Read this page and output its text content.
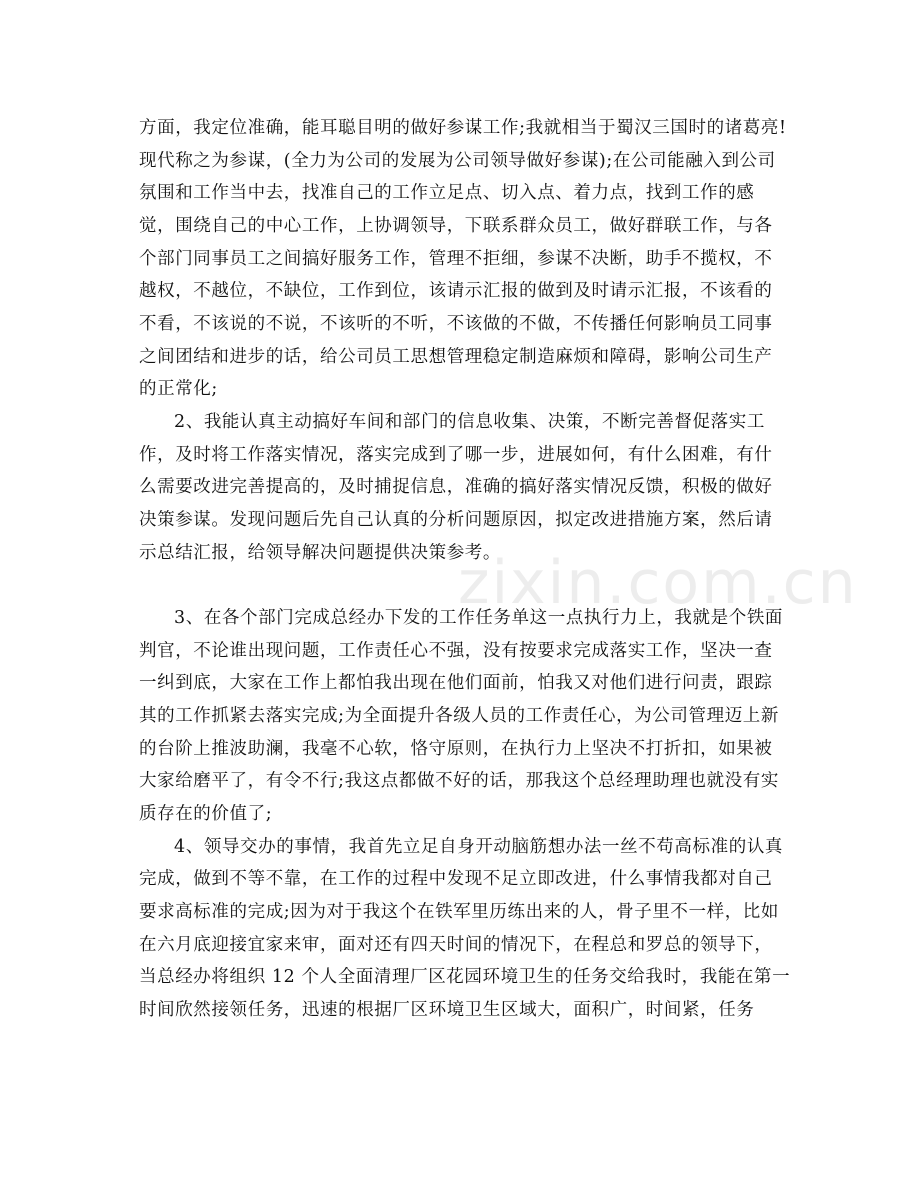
方面，我定位准确，能耳聪目明的做好参谋工作;我就相当于蜀汉三国时的诸葛亮!
现代称之为参谋，(全力为公司的发展为公司领导做好参谋);在公司能融入到公司
氛围和工作当中去，找准自己的工作立足点、切入点、着力点，找到工作的感
觉，围绕自己的中心工作，上协调领导，下联系群众员工，做好群联工作，与各
个部门同事员工之间搞好服务工作，管理不拒细，参谋不决断，助手不揽权，不
越权，不越位，不缺位，工作到位，该请示汇报的做到及时请示汇报，不该看的
不看，不该说的不说，不该听的不听，不该做的不做，不传播任何影响员工同事
之间团结和进步的话，给公司员工思想管理稳定制造麻烦和障碍，影响公司生产
的正常化;
2、我能认真主动搞好车间和部门的信息收集、决策，不断完善督促落实工
作，及时将工作落实情况，落实完成到了哪一步，进展如何，有什么困难，有什
么需要改进完善提高的，及时捕捉信息，准确的搞好落实情况反馈，积极的做好
决策参谋。发现问题后先自己认真的分析问题原因，拟定改进措施方案，然后请
示总结汇报，给领导解决问题提供决策参考。
3、在各个部门完成总经办下发的工作任务单这一点执行力上，我就是个铁面
判官，不论谁出现问题，工作责任心不强，没有按要求完成落实工作，坚决一查
一纠到底，大家在工作上都怕我出现在他们面前，怕我又对他们进行问责，跟踪
其的工作抓紧去落实完成;为全面提升各级人员的工作责任心，为公司管理迈上新
的台阶上推波助澜，我毫不心软，恪守原则，在执行力上坚决不打折扣，如果被
大家给磨平了，有令不行;我这点都做不好的话，那我这个总经理助理也就没有实
质存在的价值了;
4、领导交办的事情，我首先立足自身开动脑筋想办法一丝不苟高标准的认真
完成，做到不等不靠，在工作的过程中发现不足立即改进，什么事情我都对自己
要求高标准的完成;因为对于我这个在铁军里历练出来的人，骨子里不一样，比如
在六月底迎接宜家来审，面对还有四天时间的情况下，在程总和罗总的领导下，
当总经办将组织 12 个人全面清理厂区花园环境卫生的任务交给我时，我能在第一
时间欣然接领任务，迅速的根据厂区环境卫生区域大，面积广，时间紧，任务
zixin.com.cn
